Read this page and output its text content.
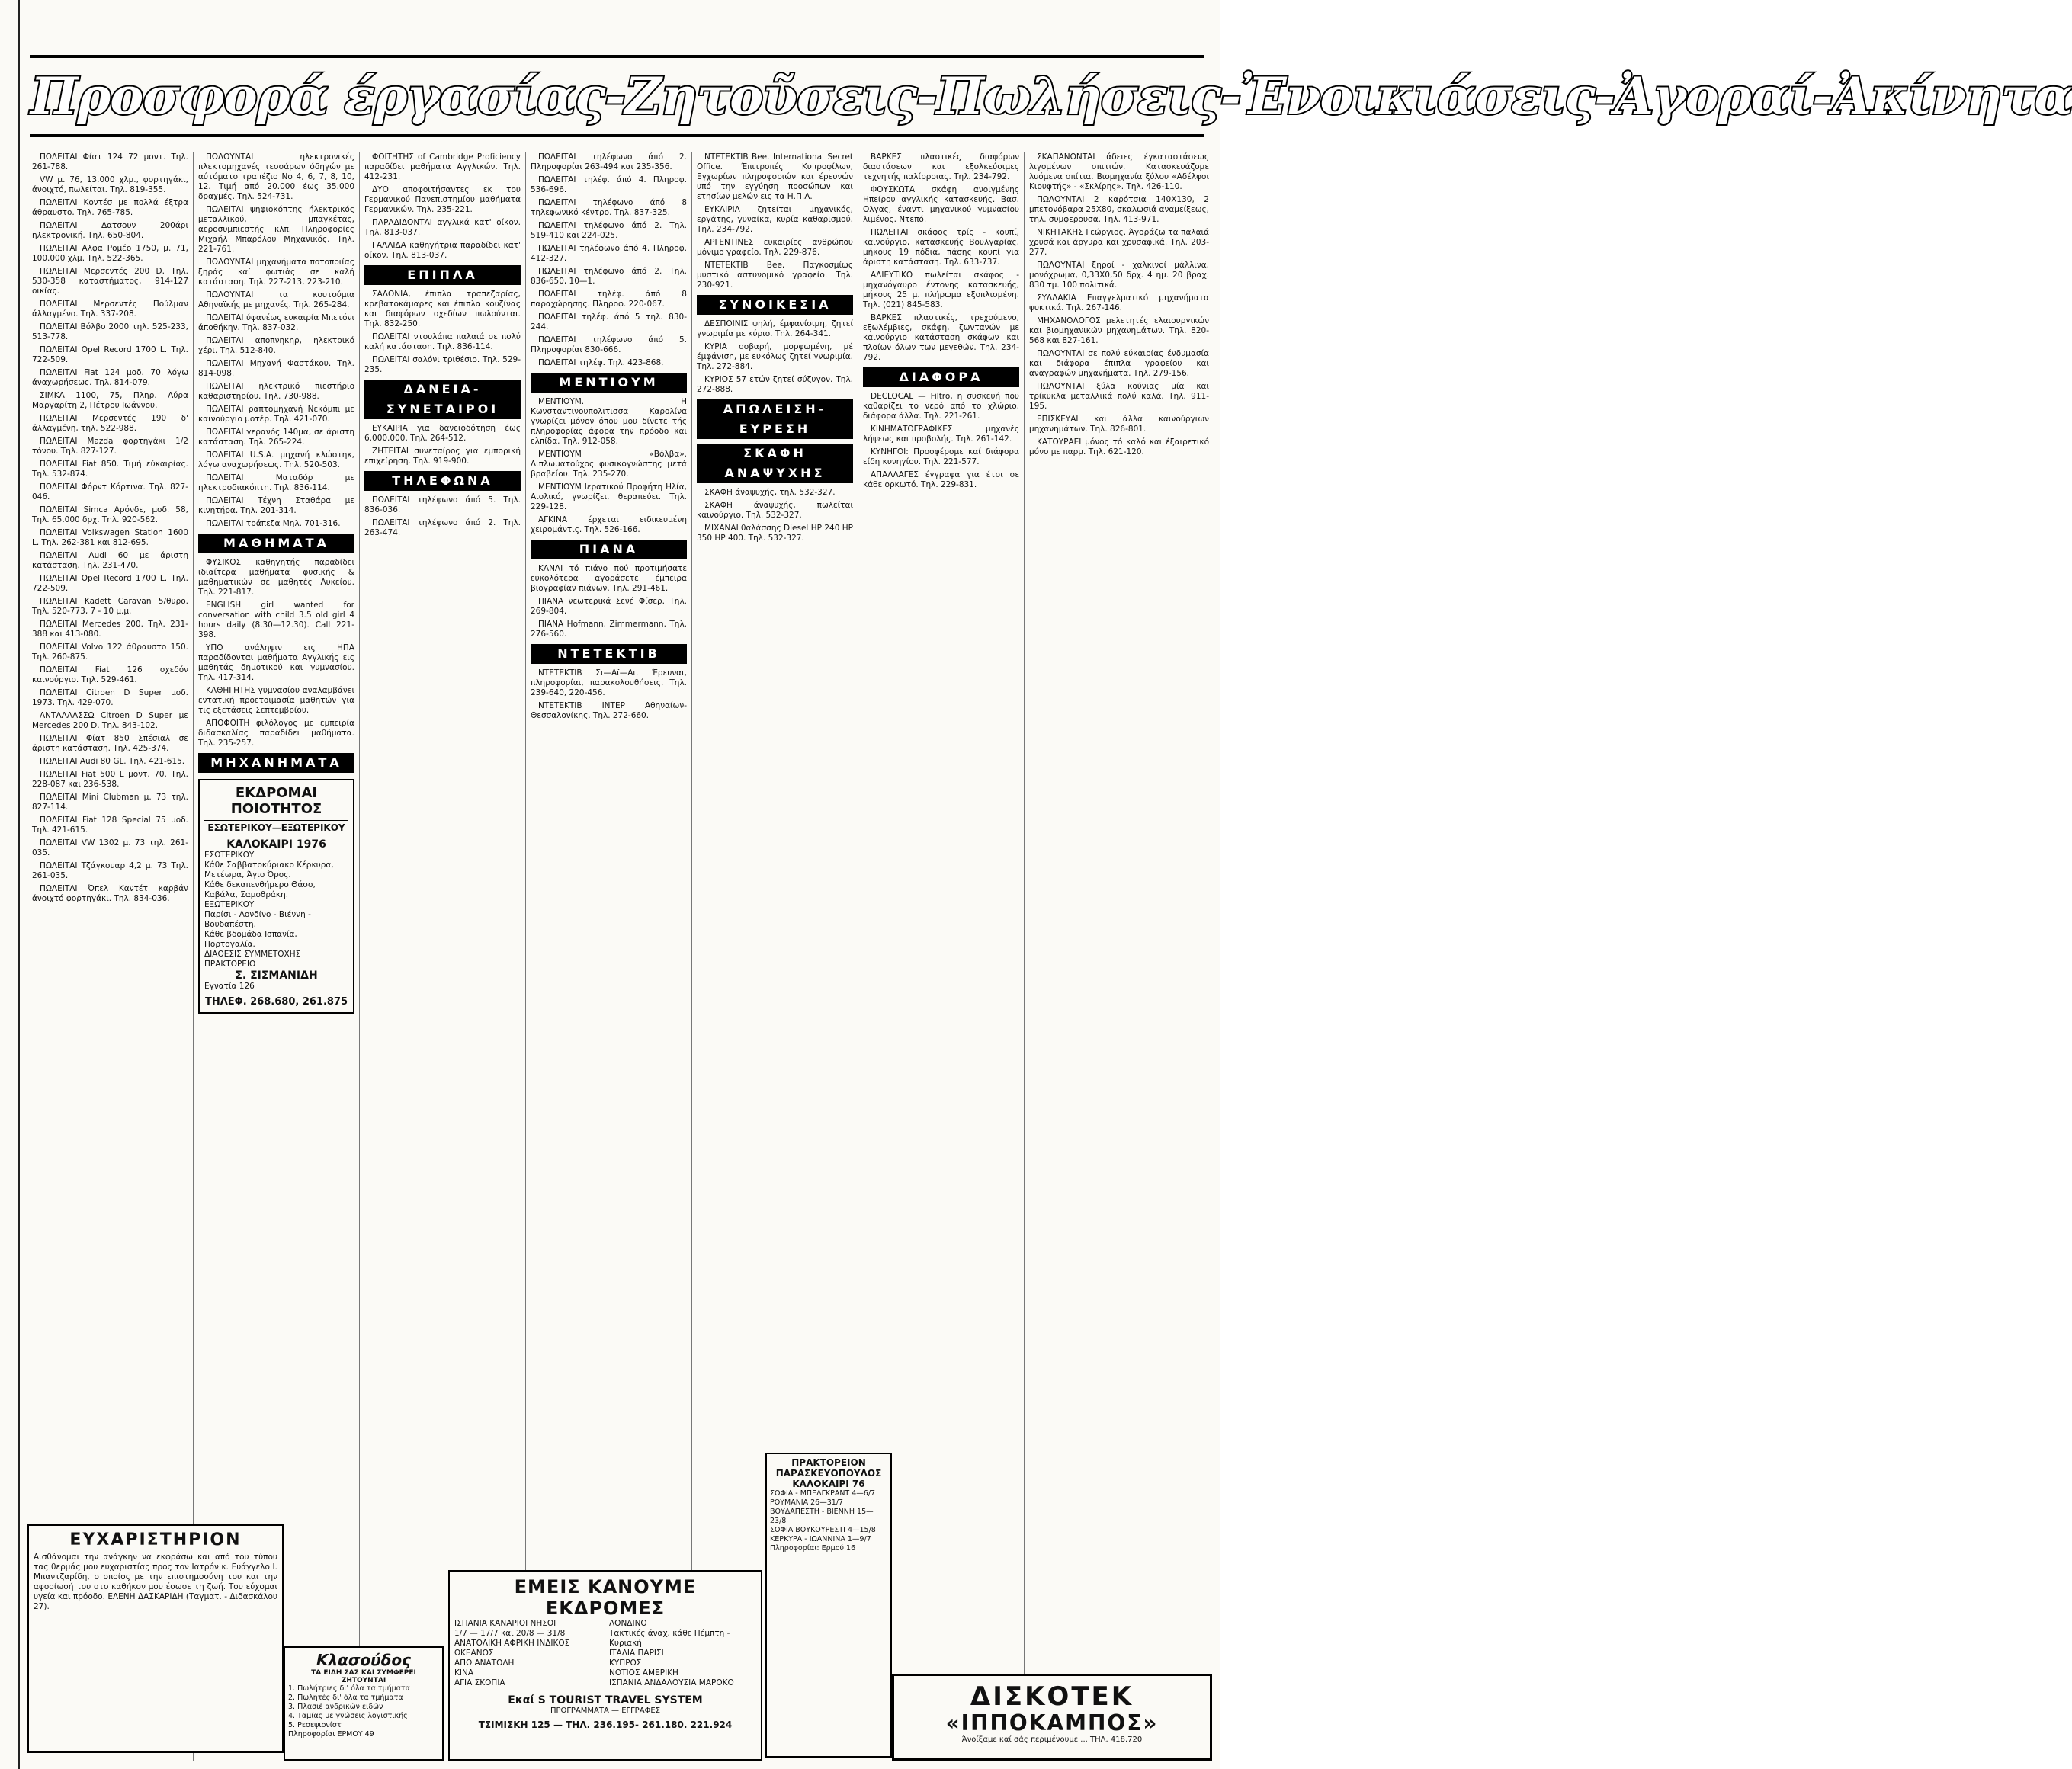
Προσφορά έργασίας-Ζητοῦσεις-Πωλήσεις-Ἐνοικιάσεις-Ἀγοραί-Ἀκίνητα
ΠΩΛΕΙΤΑΙ Φίατ 124 72 μοντ. Τηλ. 261-788.
VW μ. 76, 13.000 χλμ., φορτηγάκι, άνοιχτό, πωλείται. Τηλ. 819-355.
ΠΩΛΕΙΤΑΙ Κοντέσ με πολλά έξτρα άθραυστο. Τηλ. 765-785.
ΠΩΛΕΙΤΑΙ Δατσουν 200άρι ηλεκτρονική. Τηλ. 650-804.
ΠΩΛΕΙΤΑΙ Αλφα Ρομέο 1750, μ. 71, 100.000 χλμ. Τηλ. 522-365.
ΠΩΛΕΙΤΑΙ Μερσεντές 200 D. Τηλ. 530-358 καταστήματος, 914-127 οικίας.
ΠΩΛΕΙΤΑΙ Μερσεντές Πούλμαν άλλαγμένο. Τηλ. 337-208.
ΠΩΛΕΙΤΑΙ Βόλβο 2000 τηλ. 525-233, 513-778.
ΠΩΛΕΙΤΑΙ Opel Record 1700 L. Τηλ. 722-509.
ΠΩΛΕΙΤΑΙ Fiat 124 μοδ. 70 λόγω άναχωρήσεως. Τηλ. 814-079.
ΣΙΜΚΑ 1100, 75, Πληρ. Αύρα Μαργαρίτη 2, Πέτρου Ιωάννου.
ΠΩΛΕΙΤΑΙ Μερσεντές 190 δ' άλλαγμένη, τηλ. 522-988.
ΠΩΛΕΙΤΑΙ Mazda φορτηγάκι 1/2 τόνου. Τηλ. 827-127.
ΠΩΛΕΙΤΑΙ Fiat 850. Τιμή εύκαιρίας. Τηλ. 532-874.
ΠΩΛΕΙΤΑΙ Φόρντ Κόρτινα. Τηλ. 827-046.
ΠΩΛΕΙΤΑΙ Simca Αρόνδε, μοδ. 58, Τηλ. 65.000 δρχ. Τηλ. 920-562.
ΠΩΛΕΙΤΑΙ Volkswagen Station 1600 L. Τηλ. 262-381 και 812-695.
ΠΩΛΕΙΤΑΙ Audi 60 με άριστη κατάσταση. Τηλ. 231-470.
ΠΩΛΕΙΤΑΙ Opel Record 1700 L. Τηλ. 722-509.
ΠΩΛΕΙΤΑΙ Kadett Caravan 5/θυρο. Τηλ. 520-773, 7 - 10 μ.μ.
ΠΩΛΕΙΤΑΙ Mercedes 200. Τηλ. 231-388 και 413-080.
ΠΩΛΕΙΤΑΙ Volvo 122 άθραυστο 150. Τηλ. 260-875.
ΠΩΛΕΙΤΑΙ Fiat 126 σχεδόν καινούργιο. Τηλ. 529-461.
ΠΩΛΕΙΤΑΙ Citroen D Super μοδ. 1973. Τηλ. 429-070.
ΑΝΤΑΛΛΑΣΣΩ Citroen D Super με Mercedes 200 D. Τηλ. 843-102.
ΠΩΛΕΙΤΑΙ Φίατ 850 Σπέσιαλ σε άριστη κατάσταση. Τηλ. 425-374.
ΠΩΛΕΙΤΑΙ Audi 80 GL. Τηλ. 421-615.
ΠΩΛΕΙΤΑΙ Fiat 500 L μοντ. 70. Τηλ. 228-087 και 236-538.
ΠΩΛΕΙΤΑΙ Mini Clubman μ. 73 τηλ. 827-114.
ΠΩΛΕΙΤΑΙ Fiat 128 Special 75 μοδ. Τηλ. 421-615.
ΠΩΛΕΙΤΑΙ VW 1302 μ. 73 τηλ. 261-035.
ΠΩΛΕΙΤΑΙ Τζάγκουαρ 4,2 μ. 73 Τηλ. 261-035.
ΠΩΛΕΙΤΑΙ Όπελ Καντέτ καρβάν άνοιχτό φορτηγάκι. Τηλ. 834-036.
ΠΩΛΟΥΝΤΑΙ ηλεκτρονικές πλεκτομηχανές τεσσάρων όδηγών με αύτόματο τραπέζιο Νο 4, 6, 7, 8, 10, 12. Τιμή από 20.000 έως 35.000 δραχμές. Τηλ. 524-731.
ΠΩΛΕΙΤΑΙ ψηφιοκόπτης ήλεκτρικός μεταλλικού, μπαγκέτας, αεροσυμπιεστής κλπ. Πληροφορίες Μιχαήλ Μπαρόλου Μηχανικός. Τηλ. 221-761.
ΠΩΛΟΥΝΤΑΙ μηχανήματα ποτοποιίας ξηράς καί φωτιάς σε καλή κατάσταση. Τηλ. 227-213, 223-210.
ΠΩΛΟΥΝΤΑΙ τα κουτούμια Αθηναϊκής με μηχανές. Τηλ. 265-284.
ΠΩΛΕΙΤΑΙ ύφανέως ευκαιρία Μπετόνι άποθήκην. Τηλ. 837-032.
ΠΩΛΕΙΤΑΙ αποπνηκηρ, ηλεκτρικό χέρι. Τηλ. 512-840.
ΠΩΛΕΙΤΑΙ Μηχανή Φαστάκου. Τηλ. 814-098.
ΠΩΛΕΙΤΑΙ ηλεκτρικό πιεστήριο καθαριστηρίου. Τηλ. 730-988.
ΠΩΛΕΙΤΑΙ ραπτομηχανή Νεκόμπι με καινούργιο μοτέρ. Τηλ. 421-070.
ΠΩΛΕΙΤΑΙ γερανός 140μα, σε άριστη κατάσταση. Τηλ. 265-224.
ΠΩΛΕΙΤΑΙ U.S.A. μηχανή κλώστηκ, λόγω αναχωρήσεως. Τηλ. 520-503.
ΠΩΛΕΙΤΑΙ Ματαδόρ με ηλεκτροδιακόπτη. Τηλ. 836-114.
ΠΩΛΕΙΤΑΙ Τέχνη Σταθάρα με κινητήρα. Τηλ. 201-314.
ΠΩΛΕΙΤΑΙ τράπεζα Μηλ. 701-316.
ΜΑΘΗΜΑΤΑ
ΦΥΣΙΚΟΣ καθηγητής παραδίδει ιδιαίτερα μαθήματα φυσικής & μαθηματικών σε μαθητές Λυκείου. Τηλ. 221-817.
ENGLISH girl wanted for conversation with child 3.5 old girl 4 hours daily (8.30—12.30). Call 221-398.
ΥΠΟ ανάληψιν εις ΗΠΑ παραδίδονται μαθήματα Αγγλικής εις μαθητάς δημοτικού και γυμνασίου. Τηλ. 417-314.
ΚΑΘΗΓΗΤΗΣ γυμνασίου αναλαμβάνει εντατική προετοιμασία μαθητών για τις εξετάσεις Σεπτεμβρίου.
ΑΠΟΦΟΙΤΗ φιλόλογος με εμπειρία διδασκαλίας παραδίδει μαθήματα. Τηλ. 235-257.
ΜΗΧΑΝΗΜΑΤΑ
ΕΚΔΡΟΜΑΙ ΠΟΙΟΤΗΤΟΣ
ΕΣΩΤΕΡΙΚΟΥ—ΕΞΩΤΕΡΙΚΟΥ
ΚΑΛΟΚΑΙΡΙ 1976
ΕΣΩΤΕΡΙΚΟΥ
Κάθε Σαββατοκύριακο Κέρκυρα, Μετέωρα, Άγιο Όρος.
Κάθε δεκαπενθήμερο Θάσο, Καβάλα, Σαμοθράκη.
ΕΞΩΤΕΡΙΚΟΥ
Παρίσι - Λονδίνο - Βιέννη - Βουδαπέστη.
Κάθε βδομάδα Ισπανία, Πορτογαλία.
ΔΙΑΘΕΣΙΣ ΣΥΜΜΕΤΟΧΗΣ
ΠΡΑΚΤΟΡΕΙΟ
Σ. ΣΙΣΜΑΝΙΔΗ
Εγνατία 126
ΤΗΛΕΦ. 268.680, 261.875
ΦΟΙΤΗΤΗΣ of Cambridge Proficiency παραδίδει μαθήματα Αγγλικών. Τηλ. 412-231.
ΔΥΟ αποφοιτήσαντες εκ του Γερμανικού Πανεπιστημίου μαθήματα Γερμανικών. Τηλ. 235-221.
ΠΑΡΑΔΙΔΟΝΤΑΙ αγγλικά κατ' οίκον. Τηλ. 813-037.
ΓΑΛΛΙΔΑ καθηγήτρια παραδίδει κατ' οίκον. Τηλ. 813-037.
ΕΠΙΠΛΑ
ΣΑΛΟΝΙΑ, έπιπλα τραπεζαρίας, κρεβατοκάμαρες και έπιπλα κουζίνας και διαφόρων σχεδίων πωλούνται. Τηλ. 832-250.
ΠΩΛΕΙΤΑΙ ντουλάπα παλαιά σε πολύ καλή κατάσταση. Τηλ. 836-114.
ΠΩΛΕΙΤΑΙ σαλόνι τριθέσιο. Τηλ. 529-235.
ΔΑΝΕΙΑ-ΣΥΝΕΤΑΙΡΟΙ
ΕΥΚΑΙΡΙΑ για δανειοδότηση έως 6.000.000. Τηλ. 264-512.
ΖΗΤΕΙΤΑΙ συνεταίρος για εμπορική επιχείρηση. Τηλ. 919-900.
ΤΗΛΕΦΩΝΑ
ΠΩΛΕΙΤΑΙ τηλέφωνο άπό 5. Τηλ. 836-036.
ΠΩΛΕΙΤΑΙ τηλέφωνο άπό 2. Τηλ. 263-474.
ΠΩΛΕΙΤΑΙ τηλέφωνο άπό 2. Πληροφορίαι 263-494 και 235-356.
ΠΩΛΕΙΤΑΙ τηλέφ. άπό 4. Πληροφ. 536-696.
ΠΩΛΕΙΤΑΙ τηλέφωνο άπό 8 τηλεφωνικό κέντρο. Τηλ. 837-325.
ΠΩΛΕΙΤΑΙ τηλέφωνο άπό 2. Τηλ. 519-410 και 224-025.
ΠΩΛΕΙΤΑΙ τηλέφωνο άπό 4. Πληροφ. 412-327.
ΠΩΛΕΙΤΑΙ τηλέφωνο άπό 2. Τηλ. 836-650, 10—1.
ΠΩΛΕΙΤΑΙ τηλέφ. άπό 8 παραχώρησης. Πληροφ. 220-067.
ΠΩΛΕΙΤΑΙ τηλέφ. άπό 5 τηλ. 830-244.
ΠΩΛΕΙΤΑΙ τηλέφωνο άπό 5. Πληροφορίαι 830-666.
ΠΩΛΕΙΤΑΙ τηλέφ. Τηλ. 423-868.
ΜΕΝΤΙΟΥΜ
ΜΕΝΤΙΟΥΜ. Η Κωνσταντινουπολιτισσα Καρολίνα γνωρίζει μόνον όπου μου δίνετε τής πληροφορίας άφορα την πρόοδο και ελπίδα. Τηλ. 912-058.
ΜΕΝΤΙΟΥΜ «Βόλβα». Διπλωματούχος φυσικογνώστης μετά βραβείου. Τηλ. 235-270.
ΜΕΝΤΙΟΥΜ Ιερατικού Προφήτη Ηλία, Αιολικό, γνωρίζει, θεραπεύει. Τηλ. 229-128.
ΑΓΚΙΝΑ έρχεται ειδικευμένη χειρομάντις. Τηλ. 526-166.
ΠΙΑΝΑ
ΚΑΝΑΙ τό πιάνο πού προτιμήσατε ευκολότερα αγοράσετε έμπειρα βιογραφίαν πιάνων. Τηλ. 291-461.
ΠΙΑΝΑ νεωτερικά Σενέ Φίσερ. Τηλ. 269-804.
ΠΙΑΝΑ Hofmann, Zimmermann. Τηλ. 276-560.
ΝΤΕΤΕΚΤΙΒ
ΝΤΕΤΕΚΤΙΒ Σι—Αϊ—Αι. Έρευναι, πληροφορίαι, παρακολουθήσεις. Τηλ. 239-640, 220-456.
ΝΤΕΤΕΚΤΙΒ ΙΝΤΕΡ Αθηναίων-Θεσσαλονίκης. Τηλ. 272-660.
ΝΤΕΤΕΚΤΙΒ Bee. International Secret Office. Έπιτροπές Κυπροφίλων, Εγχωρίων πληροφοριών και έρευνών υπό την εγγύηση προσώπων και ετησίων μελών εις τα Η.Π.Α.
ΕΥΚΑΙΡΙΑ ζητείται μηχανικός, εργάτης, γυναίκα, κυρία καθαρισμού. Τηλ. 234-792.
ΑΡΓΕΝΤΙΝΕΣ ευκαιρίες ανθρώπου μόνιμο γραφείο. Τηλ. 229-876.
ΝΤΕΤΕΚΤΙΒ Bee. Παγκοσμίως μυστικό αστυνομικό γραφείο. Τηλ. 230-921.
ΣΥΝΟΙΚΕΣΙΑ
ΔΕΣΠΟΙΝΙΣ ψηλή, έμφανίσιμη, ζητεί γνωριμία με κύριο. Τηλ. 264-341.
ΚΥΡΙΑ σοβαρή, μορφωμένη, μέ έμφάνιση, με ευκόλως ζητεί γνωριμία. Τηλ. 272-884.
ΚΥΡΙΟΣ 57 ετών ζητεί σύζυγον. Τηλ. 272-888.
ΑΠΩΛΕΙΣΗ-ΕΥΡΕΣΗ
ΣΚΑΦΗ ΑΝΑΨΥΧΗΣ
ΣΚΑΦΗ άναψυχής, τηλ. 532-327.
ΣΚΑΦΗ άναψυχής, πωλείται καινούργιο. Τηλ. 532-327.
ΜΙΧΑΝΑΙ θαλάσσης Diesel HP 240 HP 350 HP 400. Τηλ. 532-327.
ΒΑΡΚΕΣ πλαστικές διαφόρων διαστάσεων και εξολκεύσιμες τεχνητής παλίρροιας. Τηλ. 234-792.
ΦΟΥΣΚΩΤΑ σκάφη ανοιγμένης Ηπείρου αγγλικής κατασκευής. Βασ. Ολγας, έναντι μηχανικού γυμνασίου λιμένος. Ντεπό.
ΠΩΛΕΙΤΑΙ σκάφος τρίς - κουπί, καινούργιο, κατασκευής Βουλγαρίας, μήκους 19 πόδια, πάσης κουπί για άριστη κατάσταση. Τηλ. 633-737.
ΑΛΙΕΥΤΙΚΟ πωλείται σκάφος - μηχανόγαυρο έντονης κατασκευής, μήκους 25 μ. πλήρωμα εξοπλισμένη. Τηλ. (021) 845-583.
ΒΑΡΚΕΣ πλαστικές, τρεχούμενο, εξωλέμβιες, σκάφη, ζωντανών με καινούργιο κατάσταση σκάφων και πλοίων όλων των μεγεθών. Τηλ. 234-792.
ΔΙΑΦΟΡΑ
DECLOCAL — Filtro, η συσκευή που καθαρίζει το νερό από το χλώριο, διάφορα άλλα. Τηλ. 221-261.
ΚΙΝΗΜΑΤΟΓΡΑΦΙΚΕΣ μηχανές λήψεως και προβολής. Τηλ. 261-142.
ΚΥΝΗΓΟΙ: Προσφέρομε καί διάφορα είδη κυνηγίου. Τηλ. 221-577.
ΑΠΑΛΛΑΓΕΣ έγγραφα για έτσι σε κάθε ορκωτό. Τηλ. 229-831.
ΣΚΑΠΑΝΟΝΤΑΙ άδειες έγκαταστάσεως λιγομένων σπιτιών. Κατασκευάζομε λυόμενα σπίτια. Βιομηχανία ξύλου «Αδέλφοι Κιουφτής» - «Σκλίρης». Τηλ. 426-110.
ΠΩΛΟΥΝΤΑΙ 2 καρότσια 140Χ130, 2 μπετονόβαρα 25Χ80, σκαλωσιά αναμείξεως, τηλ. συμφερουσα. Τηλ. 413-971.
ΝΙΚΗΤΑΚΗΣ Γεώργιος. Άγοράζω τα παλαιά χρυσά και άργυρα και χρυσαφικά. Τηλ. 203-277.
ΠΩΛΟΥΝΤΑΙ ξηροί - χαλκινοί μάλλινα, μονόχρωμα, 0,33Χ0,50 δρχ. 4 ημ. 20 βραχ. 830 τμ. 100 πολιτικά.
ΣΥΛΛΑΚΙΑ Επαγγελματικό μηχανήματα ψυκτικά. Τηλ. 267-146.
ΜΗΧΑΝΟΛΟΓΟΣ μελετητές ελαιουργικών και βιομηχανικών μηχανημάτων. Τηλ. 820-568 και 827-161.
ΠΩΛΟΥΝΤΑΙ σε πολύ εύκαιρίας ένδυμασία και διάφορα έπιπλα γραφείου και αναγραφών μηχανήματα. Τηλ. 279-156.
ΠΩΛΟΥΝΤΑΙ ξύλα κούνιας μία και τρίκυκλα μεταλλικά πολύ καλά. Τηλ. 911-195.
ΕΠΙΣΚΕΥΑΙ και άλλα καινούργιων μηχανημάτων. Τηλ. 826-801.
ΚΑΤΟΥΡΑΕΙ μόνος τό καλό και έξαιρετικό μόνο με παρμ. Τηλ. 621-120.
ΕΥΧΑΡΙΣΤΗΡΙΟΝ
Αισθάνομαι την ανάγκην να εκφράσω και από του τύπου τας θερμάς μου ευχαριστίας προς τον Ιατρόν κ. Ευάγγελο Ι. Μπαντζαρίδη, ο οποίος με την επιστημοσύνη του και την αφοσίωσή του στο καθήκον μου έσωσε τη ζωή. Του εύχομαι υγεία και πρόοδο. ΕΛΕΝΗ ΔΑΣΚΑΡΙΔΗ (Ταγματ. - Διδασκάλου 27).
Κλασούδος
ΤΑ ΕΙΔΗ ΣΑΣ ΚΑΙ ΣΥΜΦΕΡΕΙ ΖΗΤΟΥΝΤΑΙ
1. Πωλήτριες δι' όλα τα τμήματα
2. Πωλητές δι' όλα τα τμήματα
3. Πλασιέ ανδρικών ειδών
4. Ταμίας με γνώσεις λογιστικής
5. Ρεσεψιονίστ
Πληροφορίαι ΕΡΜΟΥ 49
ΕΜΕΙΣ ΚΑΝΟΥΜΕ ΕΚΔΡΟΜΕΣ
ΙΣΠΑΝΙΑ ΚΑΝΑΡΙΟΙ ΝΗΣΟΙ
1/7 — 17/7 και 20/8 — 31/8
ΑΝΑΤΟΛΙΚΗ ΑΦΡΙΚΗ ΙΝΔΙΚΟΣ ΩΚΕΑΝΟΣ
ΑΠΩ ΑΝΑΤΟΛΗ
ΚΙΝΑ
ΑΓΙΑ ΣΚΟΠΙΑ
ΛΟΝΔΙΝΟ
Τακτικές άναχ. κάθε Πέμπτη - Κυριακή
ΙΤΑΛΙΑ ΠΑΡΙΣΙ
ΚΥΠΡΟΣ
ΝΟΤΙΟΣ ΑΜΕΡΙΚΗ
ΙΣΠΑΝΙΑ ΑΝΔΑΛΟΥΣΙΑ ΜΑΡΟΚΟ
Εκαί S TOURIST TRAVEL SYSTEM
ΠΡΟΓΡΑΜΜΑΤΑ — ΕΓΓΡΑΦΕΣ
ΤΣΙΜΙΣΚΗ 125 — ΤΗΛ. 236.195- 261.180. 221.924
ΠΡΑΚΤΟΡΕΙΟΝ ΠΑΡΑΣΚΕΥΟΠΟΥΛΟΣ ΚΑΛΟΚΑΙΡΙ 76
ΣΟΦΙΑ - ΜΠΕΛΓΚΡΑΝΤ 4—6/7
ΡΟΥΜΑΝΙΑ 26—31/7
ΒΟΥΔΑΠΕΣΤΗ - ΒΙΕΝΝΗ 15—23/8
ΣΟΦΙΑ ΒΟΥΚΟΥΡΕΣΤΙ 4—15/8
ΚΕΡΚΥΡΑ - ΙΩΑΝΝΙΝΑ 1—9/7
Πληροφορίαι: Ερμού 16
ΔΙΣΚΟΤΕΚ
«ΙΠΠΟΚΑΜΠΟΣ»
Άνοίξαμε καί σάς περιμένουμε ... ΤΗΛ. 418.720
